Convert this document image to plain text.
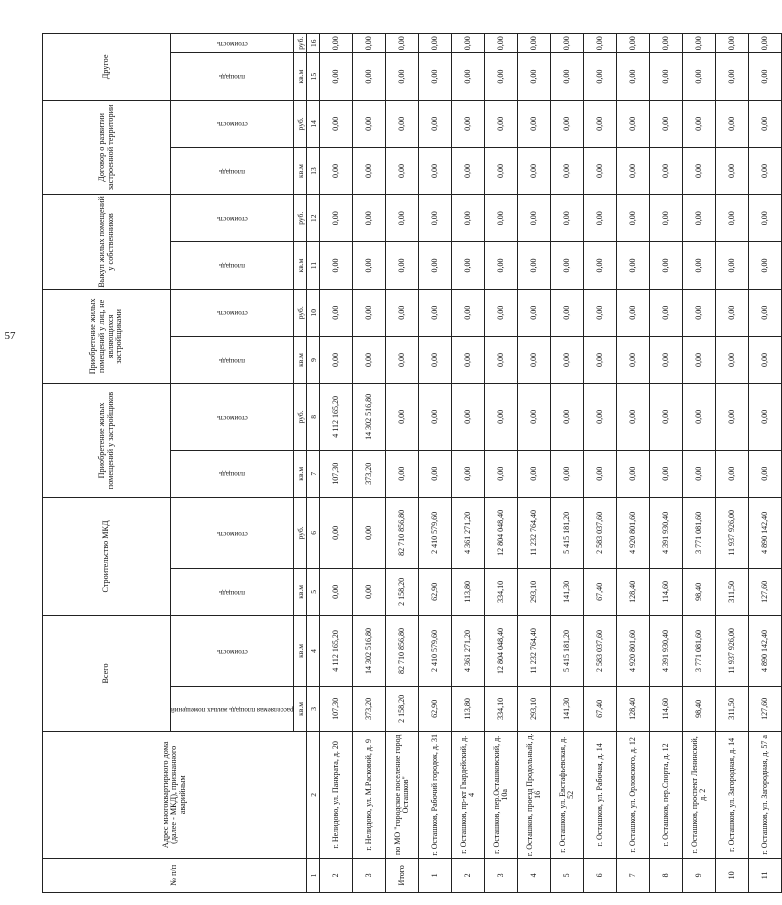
57
№ п/п	Адрес многоквартирного дома (далее - МКД), признанного аварийным	Всего		Строительство МКД		Приобретение жилых помещений у застройщиков		Приобретение жилых помещений у лиц, не являющихся застройщиками		Выкуп жилых помещений у собственников		Договор о развитии застроенной территории		Другое	

		расселяемая площадь жилых помещений	стоимость	площадь	стоимость	площадь	стоимость	площадь	стоимость	площадь	стоимость	площадь	стоимость	площадь	стоимость

		кв.м	кв.м	кв.м	руб.	кв.м	руб.	кв.м	руб.	кв.м	руб.	кв.м	руб.	кв.м	руб.
1	2	3	4	5	6	7	8	9	10	11	12	13	14	15	16
2	г. Нелидово, ул. Панкрата, д. 20	107,30	4 112 165,20	0,00	0,00	107,30	4 112 165,20	0,00	0,00	0,00	0,00	0,00	0,00	0,00	0,00
3	г. Нелидово, ул. М.Расковой, д. 9	373,20	14 302 516,80	0,00	0,00	373,20	14 302 516,80	0,00	0,00	0,00	0,00	0,00	0,00	0,00	0,00
Итого	по МО "городское поселение город Осташков"	2 158,20	82 710 856,80	2 158,20	82 710 856,80	0,00	0,00	0,00	0,00	0,00	0,00	0,00	0,00	0,00	0,00
1	г. Осташков, Рабочий городок, д. 31	62,90	2 410 579,60	62,90	2 410 579,60	0,00	0,00	0,00	0,00	0,00	0,00	0,00	0,00	0,00	0,00
2	г. Осташков, пр-кт Гвардейский, д. 4	113,80	4 361 271,20	113,80	4 361 271,20	0,00	0,00	0,00	0,00	0,00	0,00	0,00	0,00	0,00	0,00
3	г. Осташков, пер.Осташковский, д. 10а	334,10	12 804 048,40	334,10	12 804 048,40	0,00	0,00	0,00	0,00	0,00	0,00	0,00	0,00	0,00	0,00
4	г. Осташков, проезд Продольный, д. 16	293,10	11 232 764,40	293,10	11 232 764,40	0,00	0,00	0,00	0,00	0,00	0,00	0,00	0,00	0,00	0,00
5	г. Осташков, ул. Евстафьевская, д. 52	141,30	5 415 181,20	141,30	5 415 181,20	0,00	0,00	0,00	0,00	0,00	0,00	0,00	0,00	0,00	0,00
6	г. Осташков, ул. Рабочая, д. 14	67,40	2 583 037,60	67,40	2 583 037,60	0,00	0,00	0,00	0,00	0,00	0,00	0,00	0,00	0,00	0,00
7	г. Осташков, ул. Орловского, д. 12	128,40	4 920 801,60	128,40	4 920 801,60	0,00	0,00	0,00	0,00	0,00	0,00	0,00	0,00	0,00	0,00
8	г. Осташков, пер.Спорта, д. 12	114,60	4 391 930,40	114,60	4 391 930,40	0,00	0,00	0,00	0,00	0,00	0,00	0,00	0,00	0,00	0,00
9	г. Осташков, проспект Ленинский, д. 2	98,40	3 771 081,60	98,40	3 771 081,60	0,00	0,00	0,00	0,00	0,00	0,00	0,00	0,00	0,00	0,00
10	г. Осташков, ул. Загородная, д. 14	311,50	11 937 926,00	311,50	11 937 926,00	0,00	0,00	0,00	0,00	0,00	0,00	0,00	0,00	0,00	0,00
11	г. Осташков, ул. Загородная, д. 57 а	127,60	4 890 142,40	127,60	4 890 142,40	0,00	0,00	0,00	0,00	0,00	0,00	0,00	0,00	0,00	0,00
